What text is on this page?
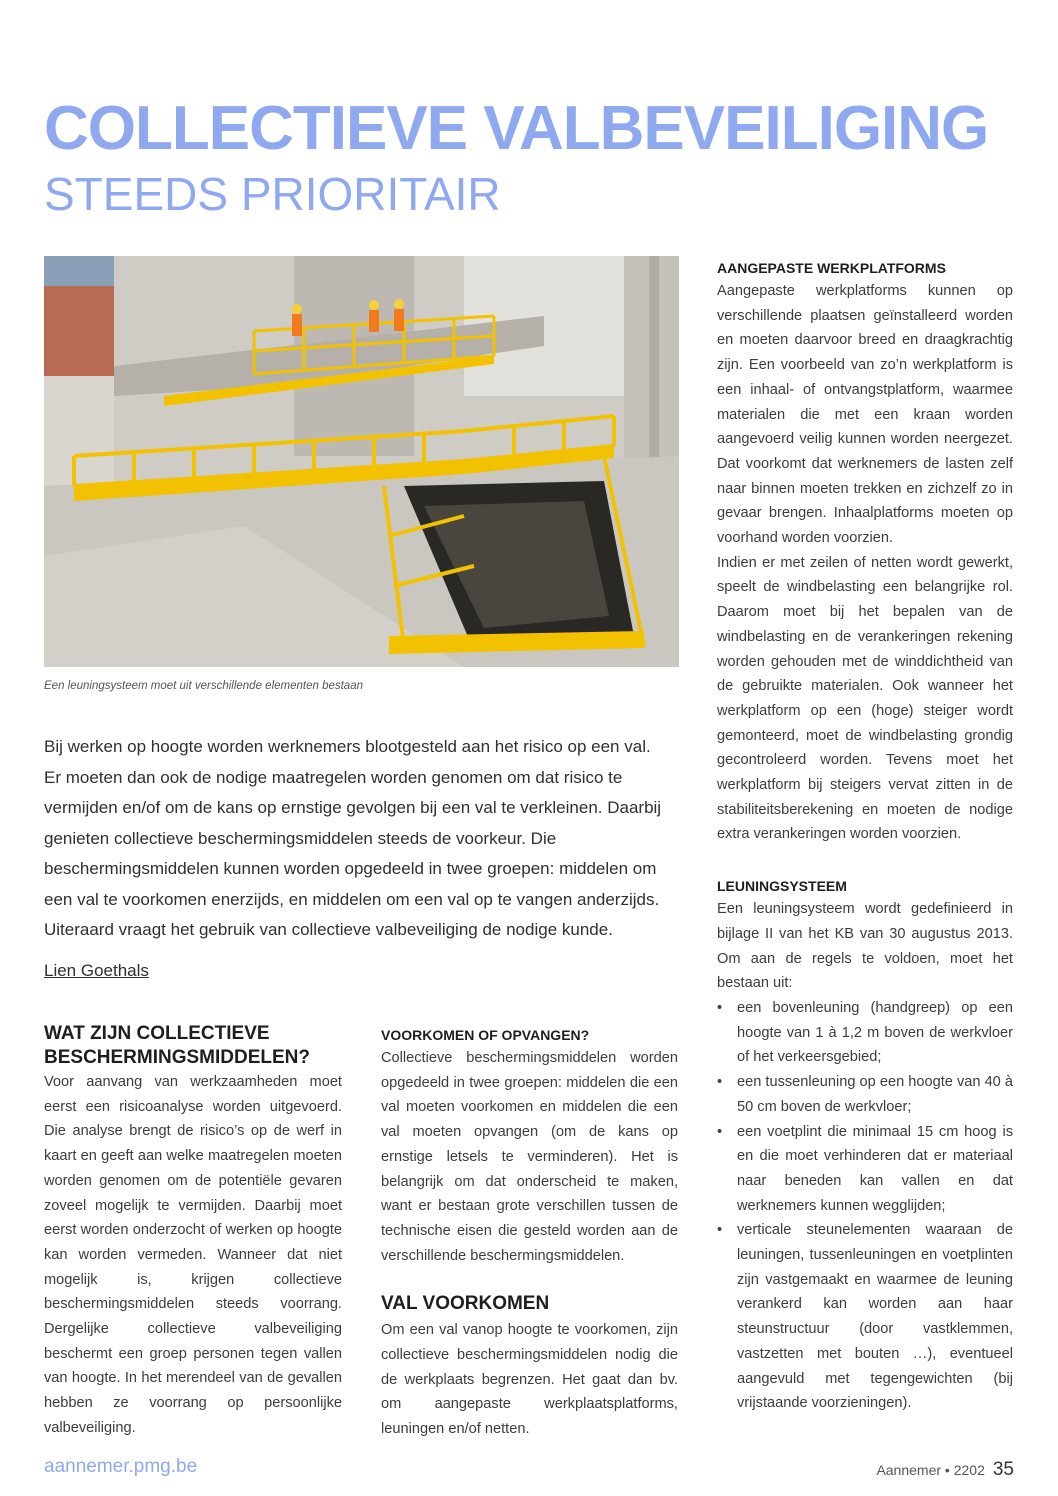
COLLECTIEVE VALBEVEILIGING
STEEDS PRIORITAIR

Een leuningsysteem moet uit verschillende elementen bestaan

Bij werken op hoogte worden werknemers blootgesteld aan het risico op een val. Er moeten dan ook de nodige maatregelen worden genomen om dat risico te vermijden en/of om de kans op ernstige gevolgen bij een val te verkleinen. Daarbij genieten collectieve beschermingsmiddelen steeds de voorkeur. Die beschermingsmiddelen kunnen worden opgedeeld in twee groepen: middelen om een val te voorkomen enerzijds, en middelen om een val op te vangen anderzijds. Uiteraard vraagt het gebruik van collectieve valbeveiliging de nodige kunde.

Lien Goethals

WAT ZIJN COLLECTIEVE BESCHERMINGSMIDDELEN?

Voor aanvang van werkzaamheden moet eerst een risicoanalyse worden uitgevoerd. Die analyse brengt de risico’s op de werf in kaart en geeft aan welke maatregelen moeten worden genomen om de potentiële gevaren zoveel mogelijk te vermijden. Daarbij moet eerst worden onderzocht of werken op hoogte kan worden vermeden. Wanneer dat niet mogelijk is, krijgen collectieve beschermingsmiddelen steeds voorrang. Dergelijke collectieve valbeveiliging beschermt een groep personen tegen vallen van hoogte. In het merendeel van de gevallen hebben ze voorrang op persoonlijke valbeveiliging.

VOORKOMEN OF OPVANGEN?

Collectieve beschermingsmiddelen worden opgedeeld in twee groepen: middelen die een val moeten voorkomen en middelen die een val moeten opvangen (om de kans op ernstige letsels te verminderen). Het is belangrijk om dat onderscheid te maken, want er bestaan grote verschillen tussen de technische eisen die gesteld worden aan de verschillende beschermingsmiddelen.

VAL VOORKOMEN

Om een val vanop hoogte te voorkomen, zijn collectieve beschermingsmiddelen nodig die de werkplaats begrenzen. Het gaat dan bv. om aangepaste werkplaatsplatforms, leuningen en/of netten.

AANGEPASTE WERKPLATFORMS

Aangepaste werkplatforms kunnen op verschillende plaatsen geïnstalleerd worden en moeten daarvoor breed en draagkrachtig zijn. Een voorbeeld van zo’n werkplatform is een inhaal- of ontvangstplatform, waarmee materialen die met een kraan worden aangevoerd veilig kunnen worden neergezet. Dat voorkomt dat werknemers de lasten zelf naar binnen moeten trekken en zichzelf zo in gevaar brengen. Inhaalplatforms moeten op voorhand worden voorzien.

Indien er met zeilen of netten wordt gewerkt, speelt de windbelasting een belangrijke rol. Daarom moet bij het bepalen van de windbelasting en de verankeringen rekening worden gehouden met de winddichtheid van de gebruikte materialen. Ook wanneer het werkplatform op een (hoge) steiger wordt gemonteerd, moet de windbelasting grondig gecontroleerd worden. Tevens moet het werkplatform bij steigers vervat zitten in de stabiliteitsberekening en moeten de nodige extra verankeringen worden voorzien.

LEUNINGSYSTEEM

Een leuningsysteem wordt gedefinieerd in bijlage II van het KB van 30 augustus 2013. Om aan de regels te voldoen, moet het bestaan uit:

• een bovenleuning (handgreep) op een hoogte van 1 à 1,2 m boven de werkvloer of het verkeersgebied;
• een tussenleuning op een hoogte van 40 à 50 cm boven de werkvloer;
• een voetplint die minimaal 15 cm hoog is en die moet verhinderen dat er materiaal naar beneden kan vallen en dat werknemers kunnen wegglijden;
• verticale steunelementen waaraan de leuningen, tussenleuningen en voetplinten zijn vastgemaakt en waarmee de leuning verankerd kan worden aan haar steunstructuur (door vastklemmen, vastzetten met bouten …), eventueel aangevuld met tegengewichten (bij vrijstaande voorzieningen).

aannemer.pmg.be	Aannemer • 2202 35
